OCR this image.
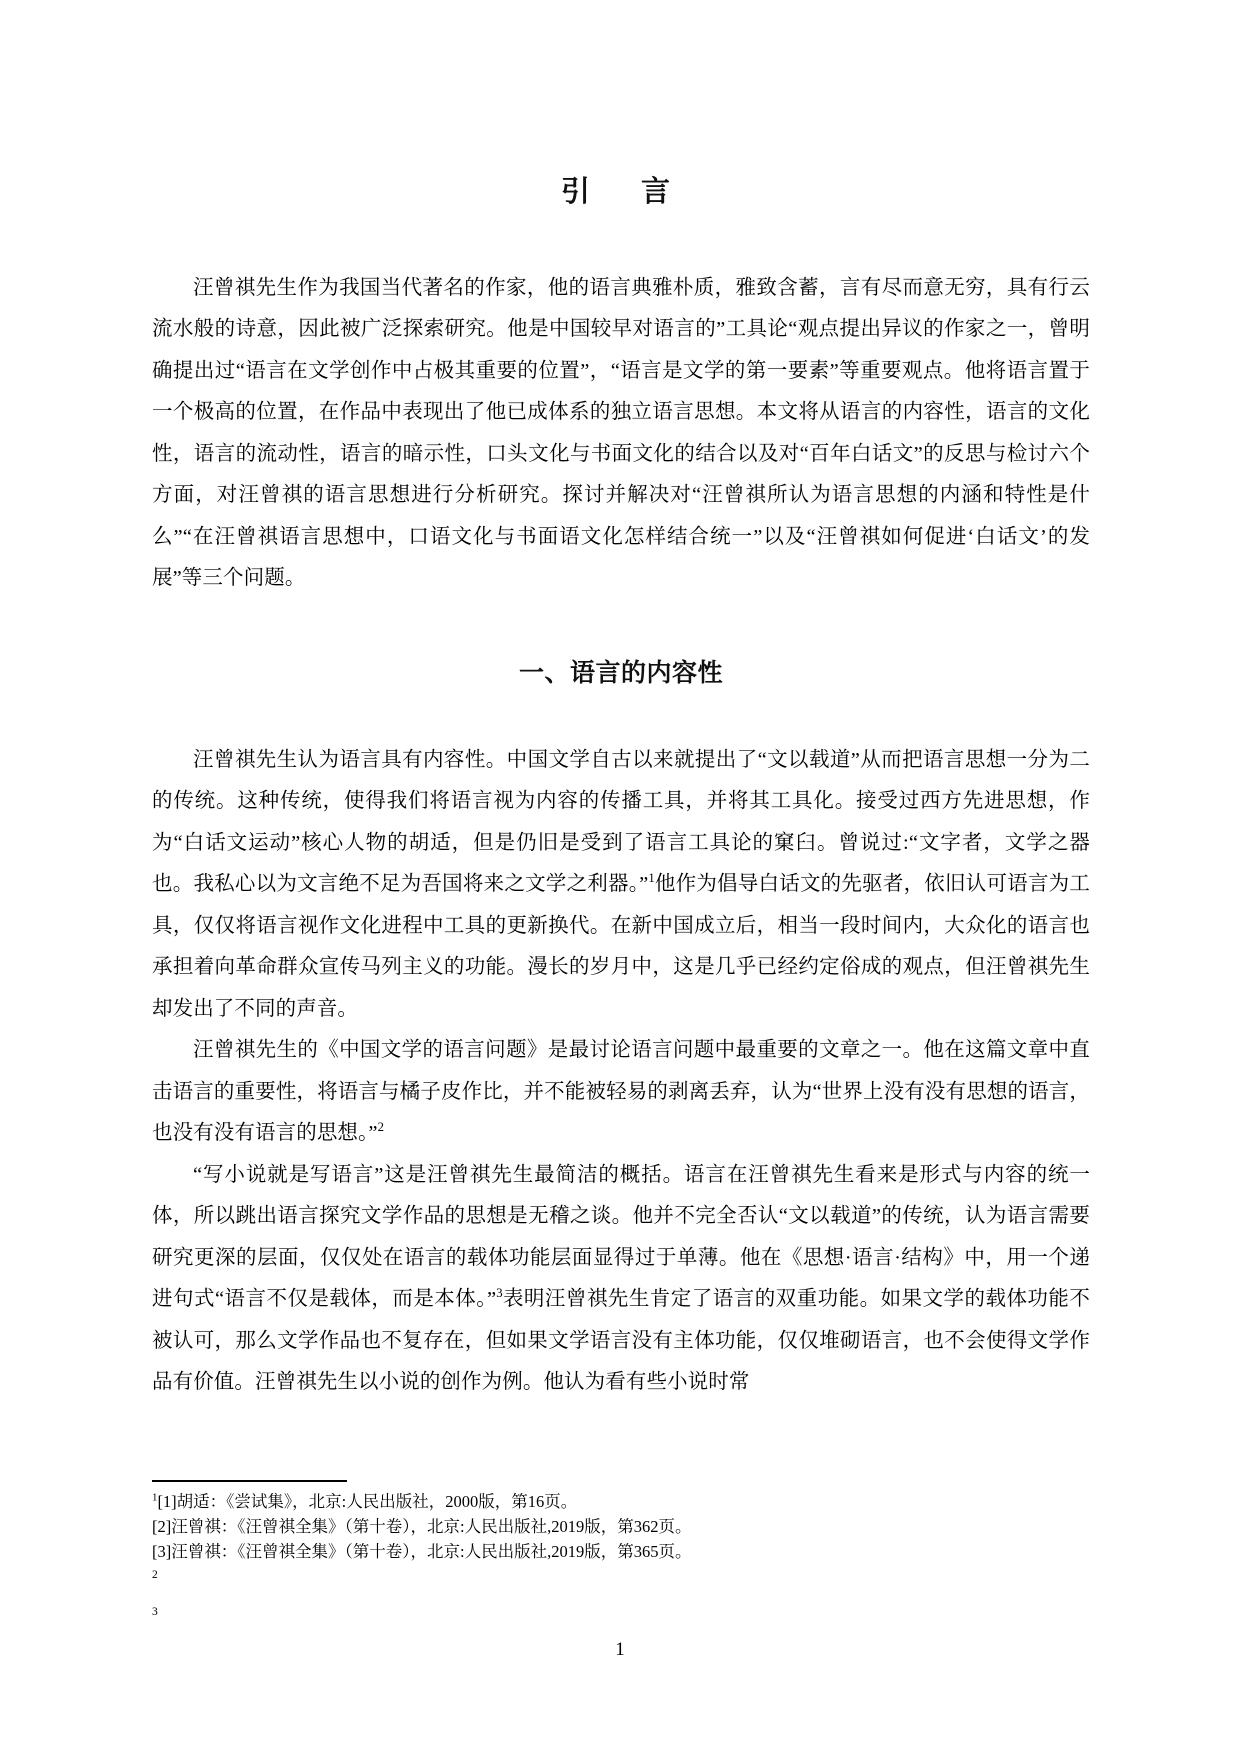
引　言

汪曾祺先生作为我国当代著名的作家，他的语言典雅朴质，雅致含蓄，言有尽而意无穷，具有行云流水般的诗意，因此被广泛探索研究。他是中国较早对语言的”工具论“观点提出异议的作家之一，曾明确提出过“语言在文学创作中占极其重要的位置”，“语言是文学的第一要素”等重要观点。他将语言置于一个极高的位置，在作品中表现出了他已成体系的独立语言思想。本文将从语言的内容性，语言的文化性，语言的流动性，语言的暗示性，口头文化与书面文化的结合以及对“百年白话文”的反思与检讨六个方面，对汪曾祺的语言思想进行分析研究。探讨并解决对“汪曾祺所认为语言思想的内涵和特性是什么”“在汪曾祺语言思想中，口语文化与书面语文化怎样结合统一”以及“汪曾祺如何促进‘白话文’的发展”等三个问题。

一、语言的内容性

汪曾祺先生认为语言具有内容性。中国文学自古以来就提出了“文以载道”从而把语言思想一分为二的传统。这种传统，使得我们将语言视为内容的传播工具，并将其工具化。接受过西方先进思想，作为“白话文运动”核心人物的胡适，但是仍旧是受到了语言工具论的窠臼。曾说过:“文字者，文学之器也。我私心以为文言绝不足为吾国将来之文学之利器。”$^1$他作为倡导白话文的先驱者，依旧认可语言为工具，仅仅将语言视作文化进程中工具的更新换代。在新中国成立后，相当一段时间内，大众化的语言也承担着向革命群众宣传马列主义的功能。漫长的岁月中，这是几乎已经约定俗成的观点，但汪曾祺先生却发出了不同的声音。

汪曾祺先生的《中国文学的语言问题》是最讨论语言问题中最重要的文章之一。他在这篇文章中直击语言的重要性，将语言与橘子皮作比，并不能被轻易的剥离丢弃，认为“世界上没有没有思想的语言，也没有没有语言的思想。”$^2$

“写小说就是写语言”这是汪曾祺先生最简洁的概括。语言在汪曾祺先生看来是形式与内容的统一体，所以跳出语言探究文学作品的思想是无稽之谈。他并不完全否认“文以载道”的传统，认为语言需要研究更深的层面，仅仅处在语言的载体功能层面显得过于单薄。他在《思想·语言·结构》中，用一个递进句式“语言不仅是载体，而是本体。”$^3$表明汪曾祺先生肯定了语言的双重功能。如果文学的载体功能不被认可，那么文学作品也不复存在，但如果文学语言没有主体功能，仅仅堆砌语言，也不会使得文学作品有价值。汪曾祺先生以小说的创作为例。他认为看有些小说时常

$^1$[1]胡适：《尝试集》，北京:人民出版社，2000版，第16页。

[2]汪曾祺：《汪曾祺全集》（第十卷），北京:人民出版社,2019版，第362页。

[3]汪曾祺：《汪曾祺全集》（第十卷），北京:人民出版社,2019版，第365页。

2

3

1
